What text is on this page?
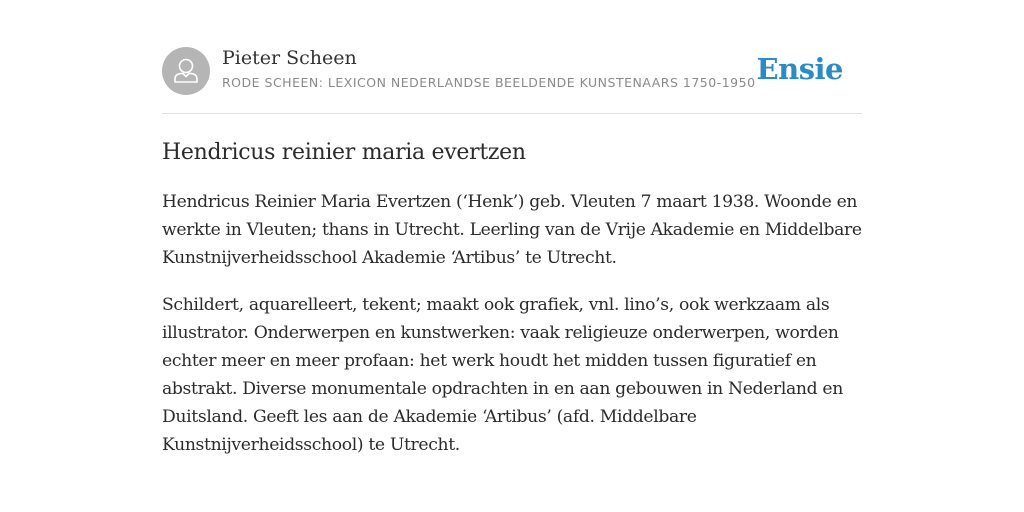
Pieter Scheen
RODE SCHEEN: LEXICON NEDERLANDSE BEELDENDE KUNSTENAARS 1750-1950 Ensie
Hendricus reinier maria evertzen

Hendricus Reinier Maria Evertzen (‘Henk’) geb. Vleuten 7 maart 1938. Woonde en werkte in Vleuten; thans in Utrecht. Leerling van de Vrije Akademie en Middelbare Kunstnijverheidsschool Akademie ‘Artibus’ te Utrecht.

Schildert, aquarelleert, tekent; maakt ook grafiek, vnl. lino’s, ook werkzaam als illustrator. Onderwerpen en kunstwerken: vaak religieuze onderwerpen, worden echter meer en meer profaan: het werk houdt het midden tussen figuratief en abstrakt. Diverse monumentale opdrachten in en aan gebouwen in Nederland en Duitsland. Geeft les aan de Akademie ‘Artibus’ (afd. Middelbare Kunstnijverheidsschool) te Utrecht.
